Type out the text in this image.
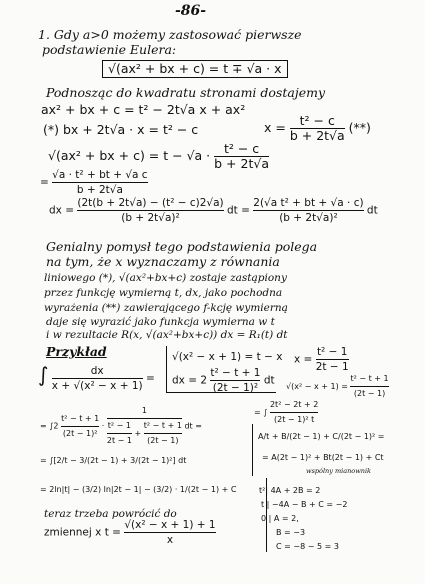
-86-
1. Gdy a>0 możemy zastosować pierwsze
podstawienie Eulera:
√(ax² + bx + c) = t ∓ √a · x
Podnosząc do kwadratu stronami dostajemy
ax² + bx + c = t² − 2t√a x + ax²
(*) bx + 2t√a · x = t² − c	$x = \frac{\text{t² − c}}{b + 2t√a}$ (**)
√(ax² + bx + $c) = t - √a \cdot \frac{\text{t² − c}}{b + 2t√a}$
= $\frac{\text{√a · t² + bt + √a c}}{b + 2t√a}$
dx = $\frac{\text{(2t(b + 2t√a) − (t² − c)2√a)}}{\text{(b + 2t√a)²}}$ dt = $\frac{\text{2(√a t² + bt + √a · c)}}{\text{(b + 2t√a)²}}$ dt
Genialny pomysł tego podstawienia polega
na tym, że x wyznaczamy z równania
liniowego (*), √(ax²+bx+c) zostaje zastąpiony
przez funkcję wymierną t, dx, jako pochodna
wyrażenia (**) zawierającego f-kcję wymierną
daje się wyrazić jako funkcja wymierna w t
i w rezultacie R(x, √(ax²+bx+c)) dx = R₁(t) dt
Przykład
∫ $\frac{dx}{\text{x + √(x² − x + 1)}}$ =
√(x² − x + 1) = t − x $x = \frac{\text{t² − 1}}{2t - 1}$
dx = $2 \frac{\text{t² − t + 1}}{\text{(2t − 1)²}}$ dt $√(x^2 - x + 1) = \frac{\text{t² − t + 1}}{(2t - 1)}$
= $\int 2 \frac{\text{t² − t + 1}}{\text{(2t − 1)²}} \cdot \frac{1}{\frac{\text{t² − 1}}{2t - 1} + \frac{\text{t² − t + 1}}{(2t - 1)}}$ dt =
= ∫ $\frac{\text{2t² − 2t + 2}}{\text{(2t − 1)² t}}$
A/t + B/(2t − 1) + C/(2t − 1)² =
= A(2t − 1)² + Bt(2t − 1) + Ct
wspólny mianownik
= ∫[2/t − 3/(2t − 1) + 3/(2t − 1)²] dt
= 2ln|t| − (3/2) ln|2t − 1| − (3/2) · 1/(2t − 1) + C	t²| 4A + 2B = 2
t | −4A − B + C = −2
0 | A = 2,
B = −3
C = −8 − 5 = 3
teraz trzeba powrócić do
zmiennej x $t = \frac{\text{√(x² − x + 1) + 1}}{x}$
